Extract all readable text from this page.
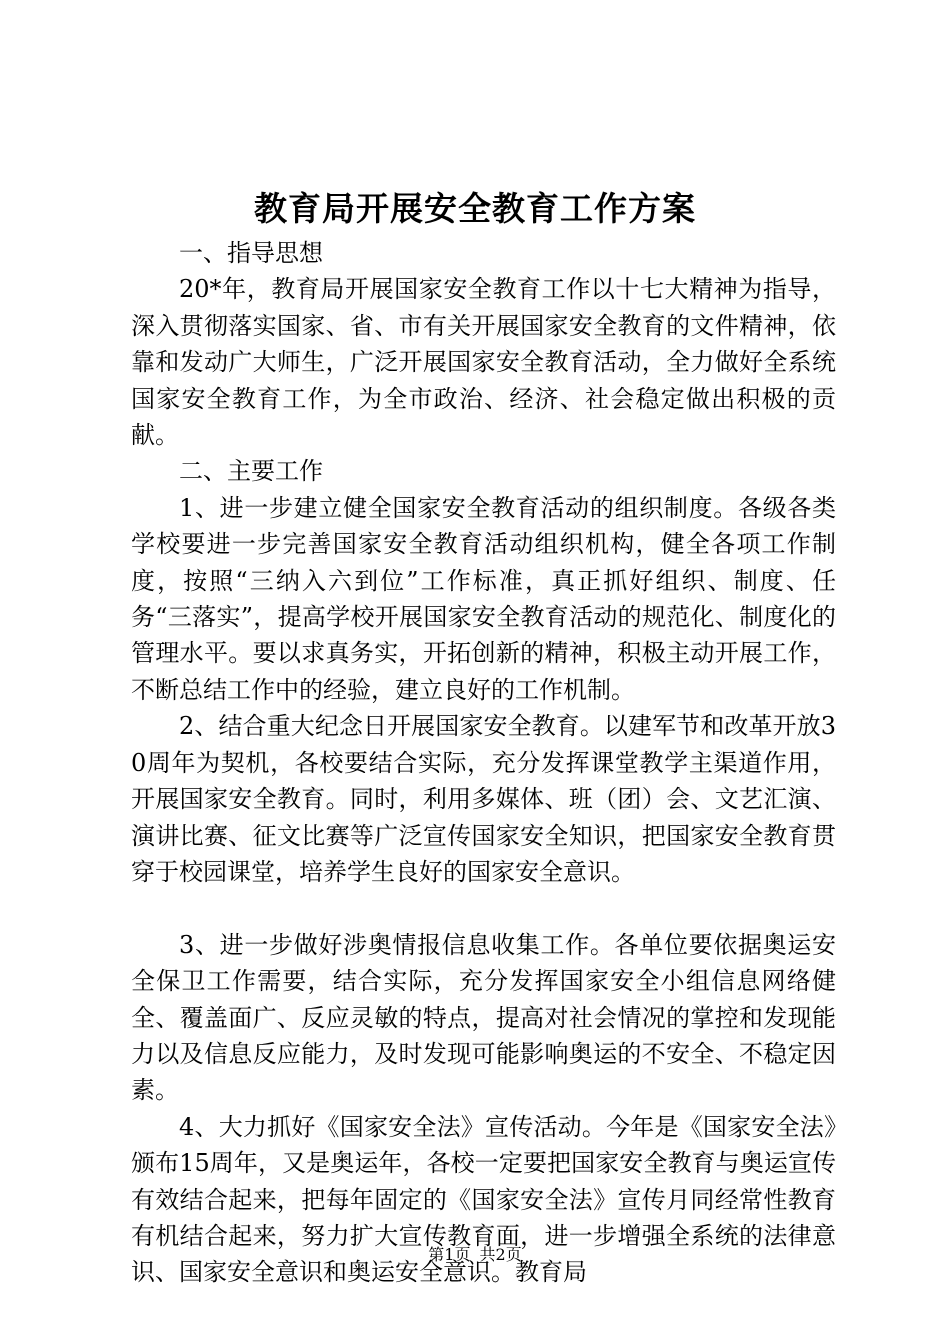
教育局开展安全教育工作方案

一、指导思想

20*年，教育局开展国家安全教育工作以十七大精神为指导，深入贯彻落实国家、省、市有关开展国家安全教育的文件精神，依靠和发动广大师生，广泛开展国家安全教育活动，全力做好全系统国家安全教育工作，为全市政治、经济、社会稳定做出积极的贡献。

二、主要工作

1、进一步建立健全国家安全教育活动的组织制度。各级各类学校要进一步完善国家安全教育活动组织机构，健全各项工作制度，按照“三纳入六到位”工作标准，真正抓好组织、制度、任务“三落实”，提高学校开展国家安全教育活动的规范化、制度化的管理水平。要以求真务实，开拓创新的精神，积极主动开展工作，不断总结工作中的经验，建立良好的工作机制。

2、结合重大纪念日开展国家安全教育。以建军节和改革开放30周年为契机，各校要结合实际，充分发挥课堂教学主渠道作用，开展国家安全教育。同时，利用多媒体、班（团）会、文艺汇演、演讲比赛、征文比赛等广泛宣传国家安全知识，把国家安全教育贯穿于校园课堂，培养学生良好的国家安全意识。

3、进一步做好涉奥情报信息收集工作。各单位要依据奥运安全保卫工作需要，结合实际，充分发挥国家安全小组信息网络健全、覆盖面广、反应灵敏的特点，提高对社会情况的掌控和发现能力以及信息反应能力，及时发现可能影响奥运的不安全、不稳定因素。

4、大力抓好《国家安全法》宣传活动。今年是《国家安全法》颁布15周年，又是奥运年，各校一定要把国家安全教育与奥运宣传有效结合起来，把每年固定的《国家安全法》宣传月同经常性教育有机结合起来，努力扩大宣传教育面，进一步增强全系统的法律意识、国家安全意识和奥运安全意识。教育局

第1页 共2页
